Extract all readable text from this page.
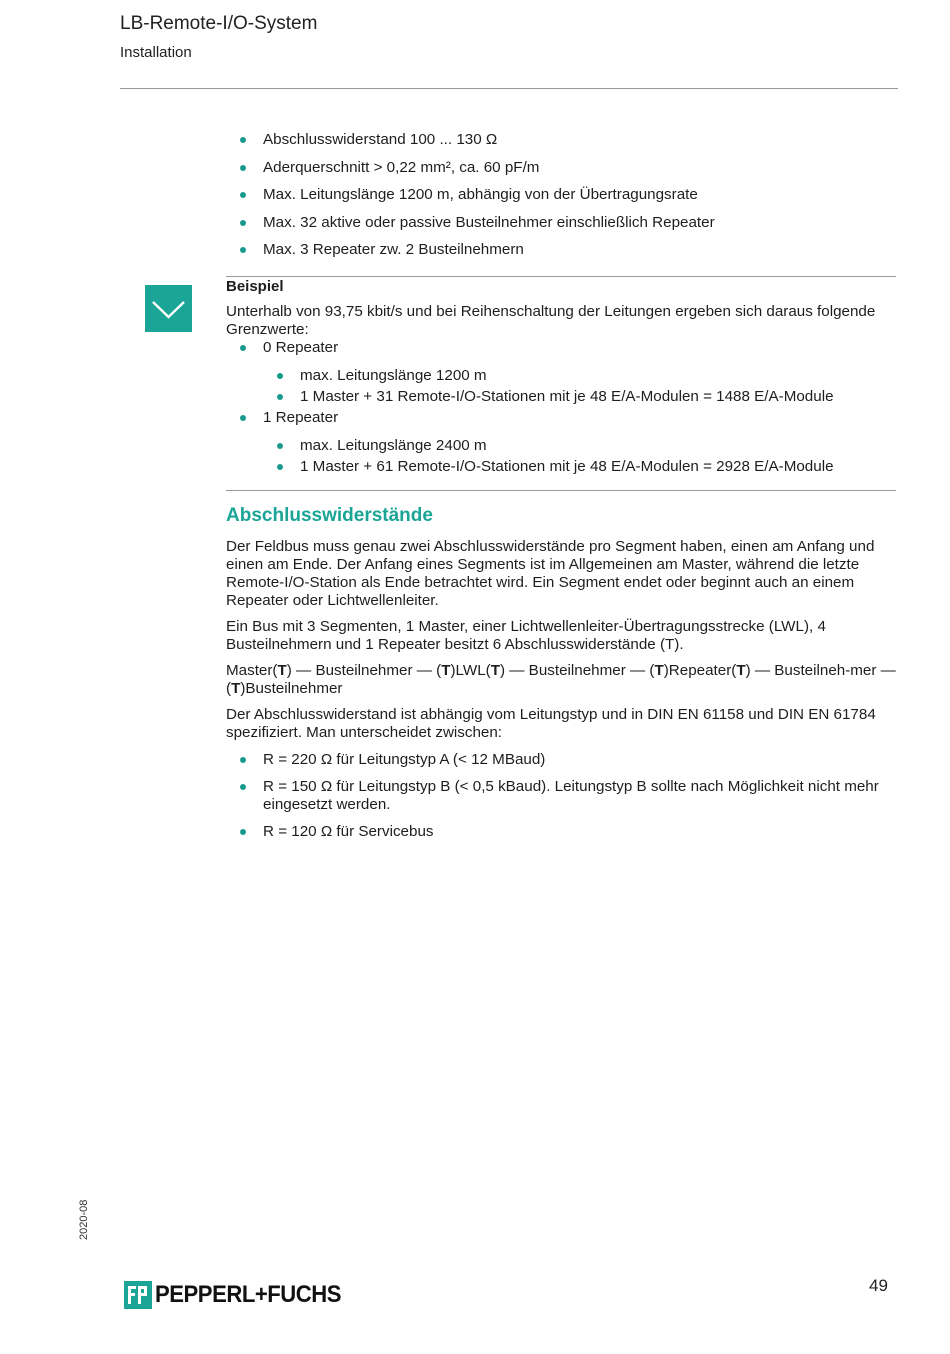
LB-Remote-I/O-System
Installation
Abschlusswiderstand 100 ... 130 Ω
Aderquerschnitt > 0,22 mm², ca. 60 pF/m
Max. Leitungslänge 1200 m, abhängig von der Übertragungsrate
Max. 32 aktive oder passive Busteilnehmer einschließlich Repeater
Max. 3 Repeater zw. 2 Busteilnehmern
Beispiel
Unterhalb von 93,75 kbit/s und bei Reihenschaltung der Leitungen ergeben sich daraus folgende Grenzwerte:
0 Repeater
max. Leitungslänge 1200 m
1 Master + 31 Remote-I/O-Stationen mit je 48 E/A-Modulen = 1488 E/A-Module
1 Repeater
max. Leitungslänge 2400 m
1 Master + 61 Remote-I/O-Stationen mit je 48 E/A-Modulen = 2928 E/A-Module
Abschlusswiderstände

Der Feldbus muss genau zwei Abschlusswiderstände pro Segment haben, einen am Anfang und einen am Ende. Der Anfang eines Segments ist im Allgemeinen am Master, während die letzte Remote-I/O-Station als Ende betrachtet wird. Ein Segment endet oder beginnt auch an einem Repeater oder Lichtwellenleiter.

Ein Bus mit 3 Segmenten, 1 Master, einer Lichtwellenleiter-Übertragungsstrecke (LWL), 4 Busteilnehmern und 1 Repeater besitzt 6 Abschlusswiderstände (T).

Master(T) — Busteilnehmer — (T)LWL(T) — Busteilnehmer — (T)Repeater(T) — Busteilneh-mer — (T)Busteilnehmer

Der Abschlusswiderstand ist abhängig vom Leitungstyp und in DIN EN 61158 und DIN EN 61784 spezifiziert. Man unterscheidet zwischen:

R = 220 Ω für Leitungstyp A (< 12 MBaud)
R = 150 Ω für Leitungstyp B (< 0,5 kBaud). Leitungstyp B sollte nach Möglichkeit nicht mehr eingesetzt werden.
R = 120 Ω für Servicebus
2020-08
PEPPERL+FUCHS	49
